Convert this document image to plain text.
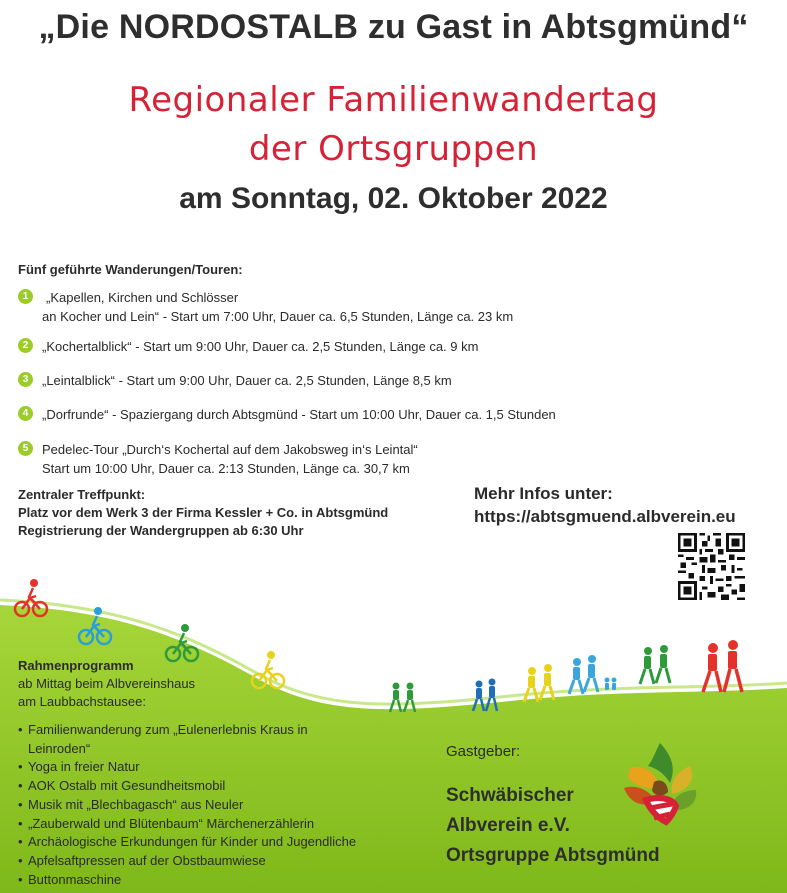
„Die NORDOSTALB zu Gast in Abtsgmünd“
Regionaler Familienwandertag
der Ortsgruppen
am Sonntag, 02. Oktober 2022
Fünf geführte Wanderungen/Touren:
1	„Kapellen, Kirchen und Schlösser
an Kocher und Lein“ - Start um 7:00 Uhr, Dauer ca. 6,5 Stunden, Länge ca. 23 km
2	„Kochertalblick“ - Start um 9:00 Uhr, Dauer ca. 2,5 Stunden, Länge ca. 9 km
3	„Leintalblick“ - Start um 9:00 Uhr, Dauer ca. 2,5 Stunden, Länge 8,5 km
4	„Dorfrunde“ - Spaziergang durch Abtsgmünd - Start um 10:00 Uhr, Dauer ca. 1,5 Stunden
5	Pedelec-Tour „Durch‘s Kochertal auf dem Jakobsweg in‘s Leintal“
Start um 10:00 Uhr, Dauer ca. 2:13 Stunden, Länge ca. 30,7 km
Zentraler Treffpunkt:
Platz vor dem Werk 3 der Firma Kessler + Co. in Abtsgmünd
Registrierung der Wandergruppen ab 6:30 Uhr
Mehr Infos unter:
https://abtsgmuend.albverein.eu
Rahmenprogramm
ab Mittag beim Albvereinshaus
am Laubbachstausee:
• Familienwanderung zum „Eulenerlebnis Kraus in Leinroden“
• Yoga in freier Natur
• AOK Ostalb mit Gesundheitsmobil
• Musik mit „Blechbagasch“ aus Neuler
• „Zauberwald und Blütenbaum“ Märchenerzählerin
• Archäologische Erkundungen für Kinder und Jugendliche
• Apfelsaftpressen auf der Obstbaumwiese
• Buttonmaschine
Gastgeber:
Schwäbischer
Albverein e.V.
Ortsgruppe Abtsgmünd
